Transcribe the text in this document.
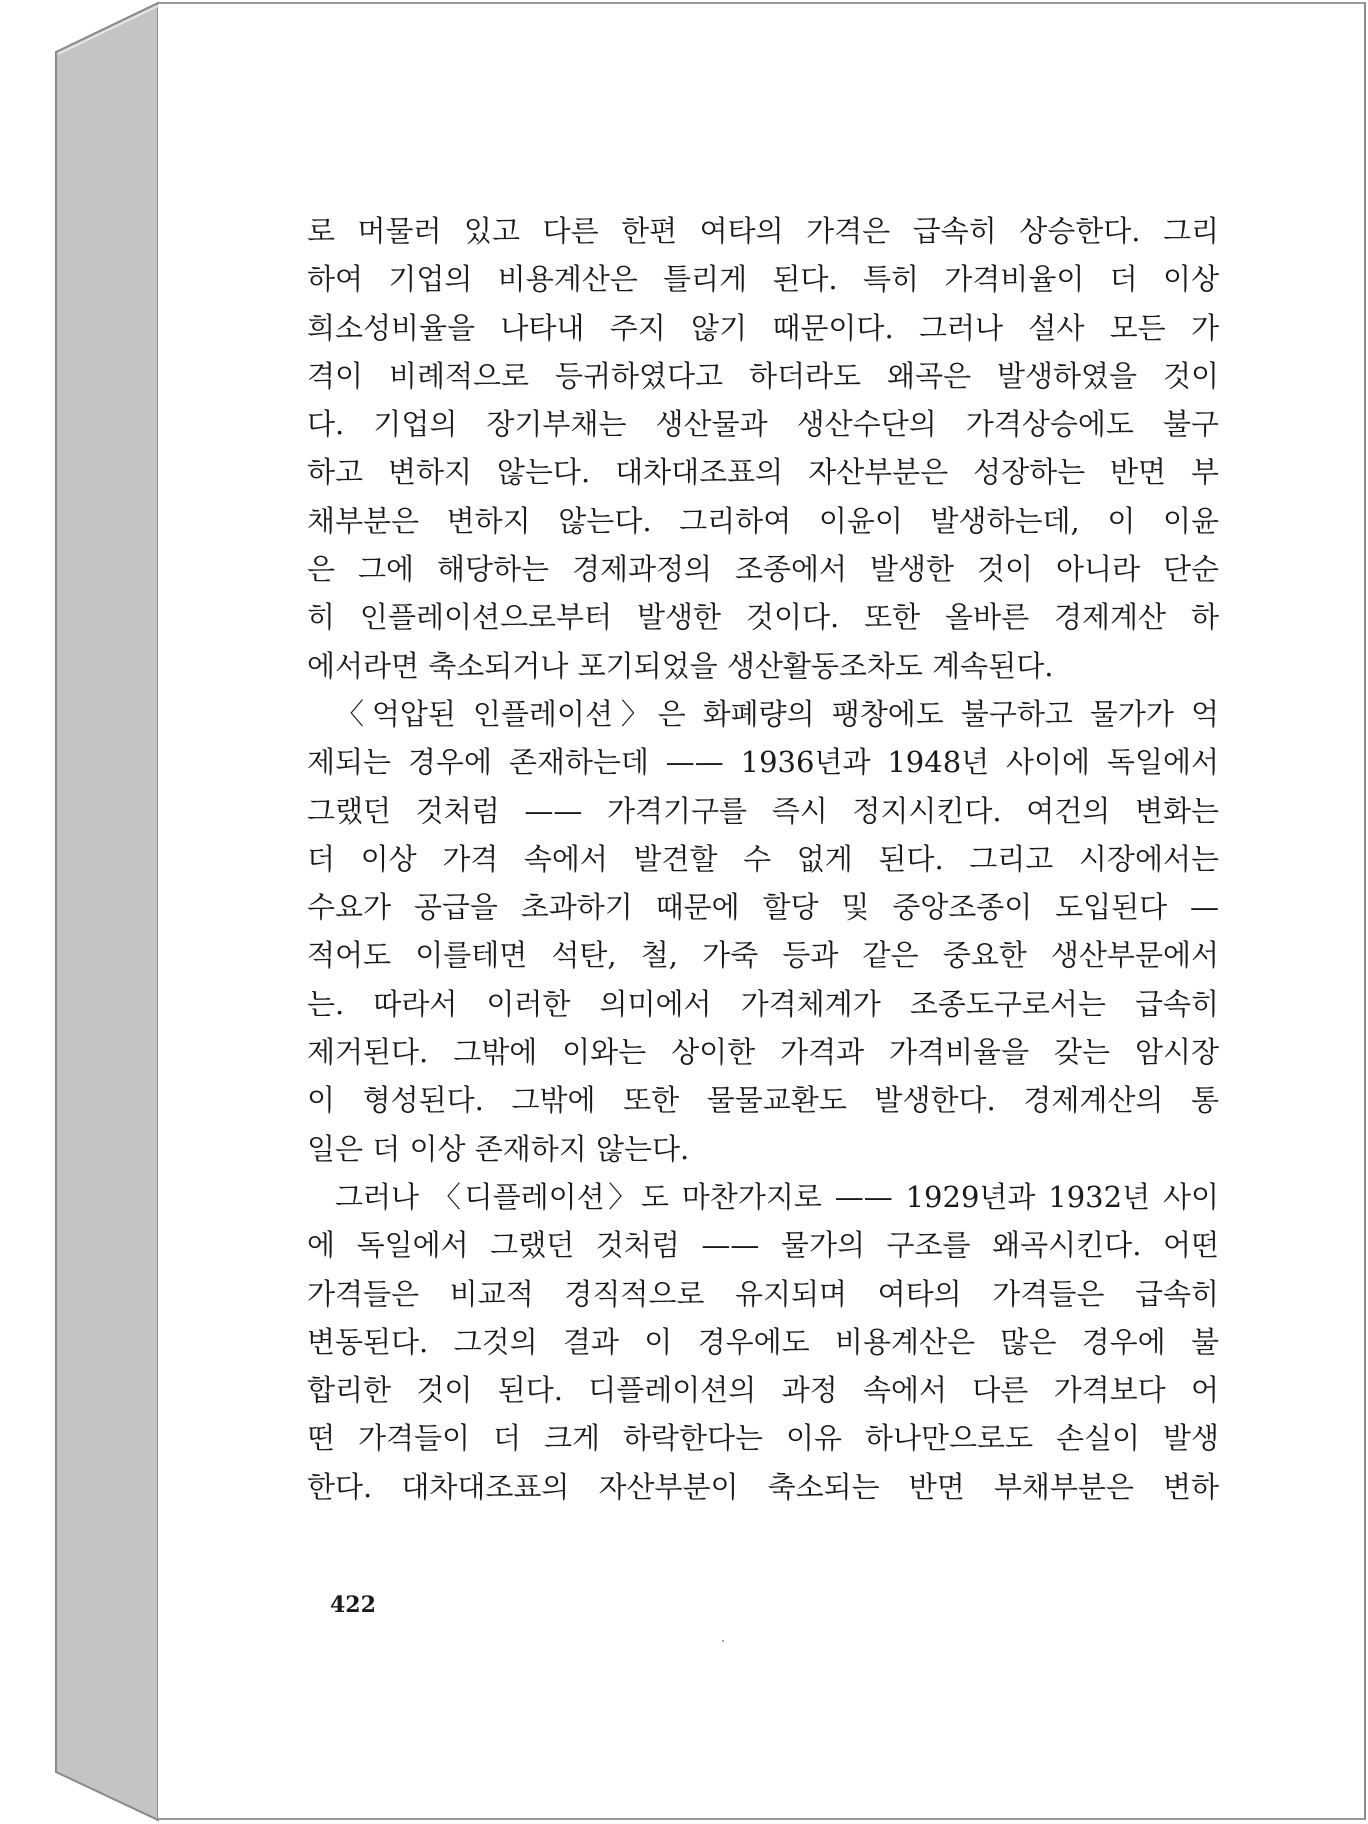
로 머물러 있고 다른 한편 여타의 가격은 급속히 상승한다. 그리
하여 기업의 비용계산은 틀리게 된다. 특히 가격비율이 더 이상
희소성비율을 나타내 주지 않기 때문이다. 그러나 설사 모든 가
격이 비례적으로 등귀하였다고 하더라도 왜곡은 발생하였을 것이
다. 기업의 장기부채는 생산물과 생산수단의 가격상승에도 불구
하고 변하지 않는다. 대차대조표의 자산부분은 성장하는 반면 부
채부분은 변하지 않는다. 그리하여 이윤이 발생하는데, 이 이윤
은 그에 해당하는 경제과정의 조종에서 발생한 것이 아니라 단순
히 인플레이션으로부터 발생한 것이다. 또한 올바른 경제계산 하
에서라면 축소되거나 포기되었을 생산활동조차도 계속된다.
〈억압된 인플레이션〉은 화폐량의 팽창에도 불구하고 물가가 억
제되는 경우에 존재하는데 —— 1936년과 1948년 사이에 독일에서
그랬던 것처럼 —— 가격기구를 즉시 정지시킨다. 여건의 변화는
더 이상 가격 속에서 발견할 수 없게 된다. 그리고 시장에서는
수요가 공급을 초과하기 때문에 할당 및 중앙조종이 도입된다 —
적어도 이를테면 석탄, 철, 가죽 등과 같은 중요한 생산부문에서
는. 따라서 이러한 의미에서 가격체계가 조종도구로서는 급속히
제거된다. 그밖에 이와는 상이한 가격과 가격비율을 갖는 암시장
이 형성된다. 그밖에 또한 물물교환도 발생한다. 경제계산의 통
일은 더 이상 존재하지 않는다.
그러나 〈디플레이션〉도 마찬가지로 —— 1929년과 1932년 사이
에 독일에서 그랬던 것처럼 —— 물가의 구조를 왜곡시킨다. 어떤
가격들은 비교적 경직적으로 유지되며 여타의 가격들은 급속히
변동된다. 그것의 결과 이 경우에도 비용계산은 많은 경우에 불
합리한 것이 된다. 디플레이션의 과정 속에서 다른 가격보다 어
떤 가격들이 더 크게 하락한다는 이유 하나만으로도 손실이 발생
한다. 대차대조표의 자산부분이 축소되는 반면 부채부분은 변하
422
